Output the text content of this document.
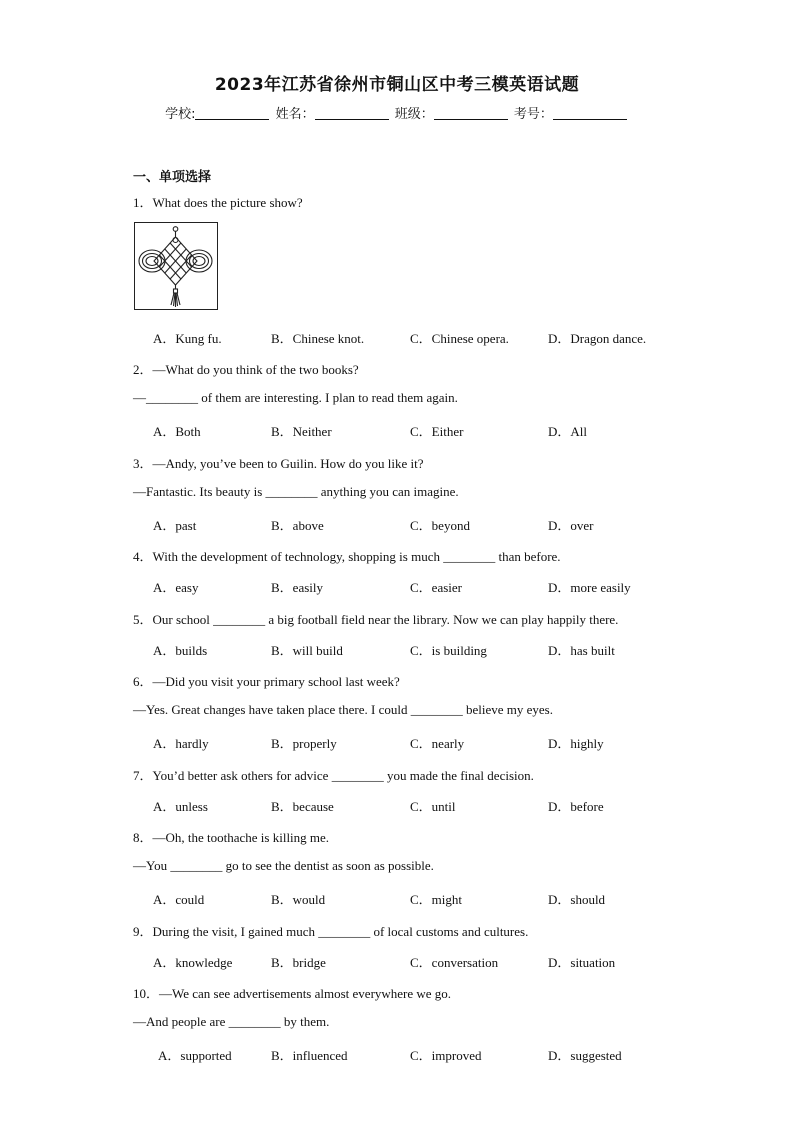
2023年江苏省徐州市铜山区中考三模英语试题
学校:	姓名：	班级：	考号：
一、单项选择
1．What does the picture show?
A．Kung fu.	B．Chinese knot.	C．Chinese opera.	D．Dragon dance.
2．—What do you think of the two books?
—________ of them are interesting. I plan to read them again.
A．Both	B．Neither	C．Either	D．All
3．—Andy, you’ve been to Guilin. How do you like it?
—Fantastic. Its beauty is ________ anything you can imagine.
A．past	B．above	C．beyond	D．over
4．With the development of technology, shopping is much ________ than before.
A．easy	B．easily	C．easier	D．more easily
5．Our school ________ a big football field near the library. Now we can play happily there.
A．builds	B．will build	C．is building	D．has built
6．—Did you visit your primary school last week?
—Yes. Great changes have taken place there. I could ________ believe my eyes.
A．hardly	B．properly	C．nearly	D．highly
7．You’d better ask others for advice ________ you made the final decision.
A．unless	B．because	C．until	D．before
8．—Oh, the toothache is killing me.
—You ________ go to see the dentist as soon as possible.
A．could	B．would	C．might	D．should
9．During the visit, I gained much ________ of local customs and cultures.
A．knowledge	B．bridge	C．conversation	D．situation
10．—We can see advertisements almost everywhere we go.
—And people are ________ by them.
A．supported	B．influenced	C．improved	D．suggested
